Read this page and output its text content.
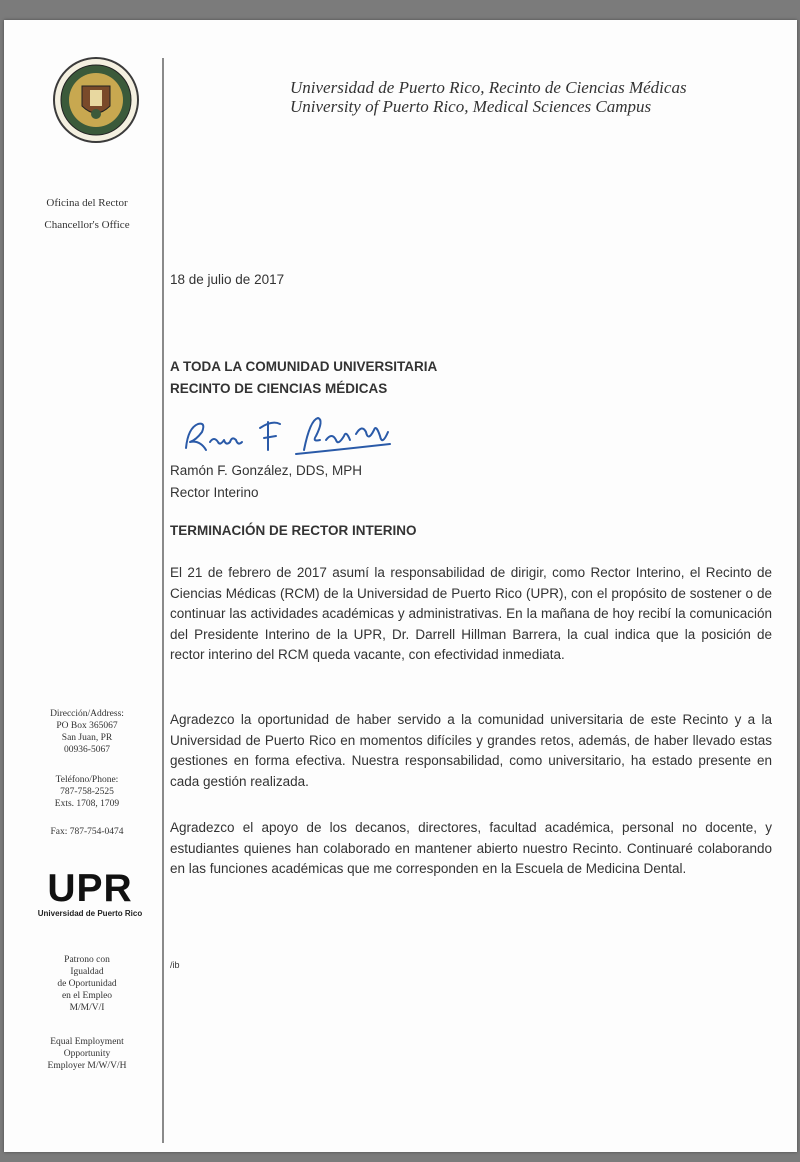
Universidad de Puerto Rico, Recinto de Ciencias Médicas
University of Puerto Rico, Medical Sciences Campus
Oficina del Rector
Chancellor's Office
Dirección/Address:
PO Box 365067
San Juan, PR
00936-5067
Teléfono/Phone:
787-758-2525
Exts. 1708, 1709
Fax: 787-754-0474
UPR
Universidad de Puerto Rico
Patrono con
Igualdad
de Oportunidad
en el Empleo
M/M/V/I
Equal Employment
Opportunity
Employer M/W/V/H
18 de julio de 2017
A TODA LA COMUNIDAD UNIVERSITARIA
RECINTO DE CIENCIAS MÉDICAS
Ramón F. González, DDS, MPH
Rector Interino
TERMINACIÓN DE RECTOR INTERINO

El 21 de febrero de 2017 asumí la responsabilidad de dirigir, como Rector Interino, el Recinto de Ciencias Médicas (RCM) de la Universidad de Puerto Rico (UPR), con el propósito de sostener o de continuar las actividades académicas y administrativas. En la mañana de hoy recibí la comunicación del Presidente Interino de la UPR, Dr. Darrell Hillman Barrera, la cual indica que la posición de rector interino del RCM queda vacante, con efectividad inmediata.

Agradezco la oportunidad de haber servido a la comunidad universitaria de este Recinto y a la Universidad de Puerto Rico en momentos difíciles y grandes retos, además, de haber llevado estas gestiones en forma efectiva. Nuestra responsabilidad, como universitario, ha estado presente en cada gestión realizada.

Agradezco el apoyo de los decanos, directores, facultad académica, personal no docente, y estudiantes quienes han colaborado en mantener abierto nuestro Recinto. Continuaré colaborando en las funciones académicas que me corresponden en la Escuela de Medicina Dental.

/ib
